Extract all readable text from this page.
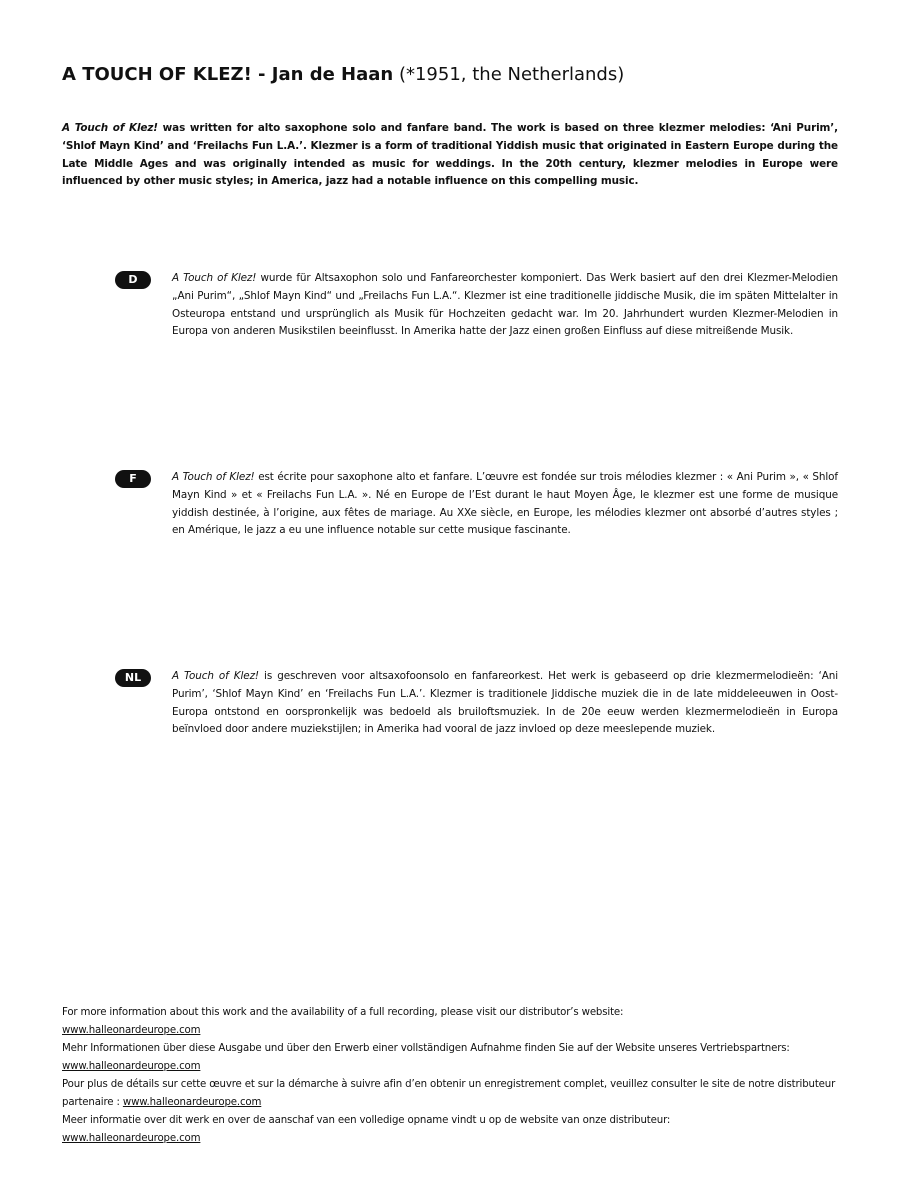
A TOUCH OF KLEZ! - Jan de Haan (*1951, the Netherlands)
A Touch of Klez! was written for alto saxophone solo and fanfare band. The work is based on three klezmer melodies: ‘Ani Purim’, ‘Shlof Mayn Kind’ and ‘Freilachs Fun L.A.’. Klezmer is a form of traditional Yiddish music that originated in Eastern Europe during the Late Middle Ages and was originally intended as music for weddings. In the 20th century, klezmer melodies in Europe were influenced by other music styles; in America, jazz had a notable influence on this compelling music.
D	A Touch of Klez! wurde für Altsaxophon solo und Fanfareorchester komponiert. Das Werk basiert auf den drei Klezmer-Melodien „Ani Purim“, „Shlof Mayn Kind“ und „Freilachs Fun L.A.“. Klezmer ist eine traditionelle jiddische Musik, die im späten Mittelalter in Osteuropa entstand und ursprünglich als Musik für Hochzeiten gedacht war. Im 20. Jahrhundert wurden Klezmer-Melodien in Europa von anderen Musikstilen beeinflusst. In Amerika hatte der Jazz einen großen Einfluss auf diese mitreißende Musik.
F	A Touch of Klez! est écrite pour saxophone alto et fanfare. L’œuvre est fondée sur trois mélodies klezmer : « Ani Purim », « Shlof Mayn Kind » et « Freilachs Fun L.A. ». Né en Europe de l’Est durant le haut Moyen Âge, le klezmer est une forme de musique yiddish destinée, à l’origine, aux fêtes de mariage. Au XXe siècle, en Europe, les mélodies klezmer ont absorbé d’autres styles ; en Amérique, le jazz a eu une influence notable sur cette musique fascinante.
NL	A Touch of Klez! is geschreven voor altsaxofoonsolo en fanfareorkest. Het werk is gebaseerd op drie klezmermelodieën: ‘Ani Purim’, ‘Shlof Mayn Kind’ en ‘Freilachs Fun L.A.’. Klezmer is traditionele Jiddische muziek die in de late middeleeuwen in Oost-Europa ontstond en oorspronkelijk was bedoeld als bruiloftsmuziek. In de 20e eeuw werden klezmermelodieën in Europa beïnvloed door andere muziekstijlen; in Amerika had vooral de jazz invloed op deze meeslepende muziek.

For more information about this work and the availability of a full recording, please visit our distributor’s website:
www.halleonardeurope.com

Mehr Informationen über diese Ausgabe und über den Erwerb einer vollständigen Aufnahme finden Sie auf der Website unseres Vertriebspartners: www.halleonardeurope.com

Pour plus de détails sur cette œuvre et sur la démarche à suivre afin d’en obtenir un enregistrement complet, veuillez consulter le site de notre distributeur partenaire : www.halleonardeurope.com

Meer informatie over dit werk en over de aanschaf van een volledige opname vindt u op de website van onze distributeur:
www.halleonardeurope.com
